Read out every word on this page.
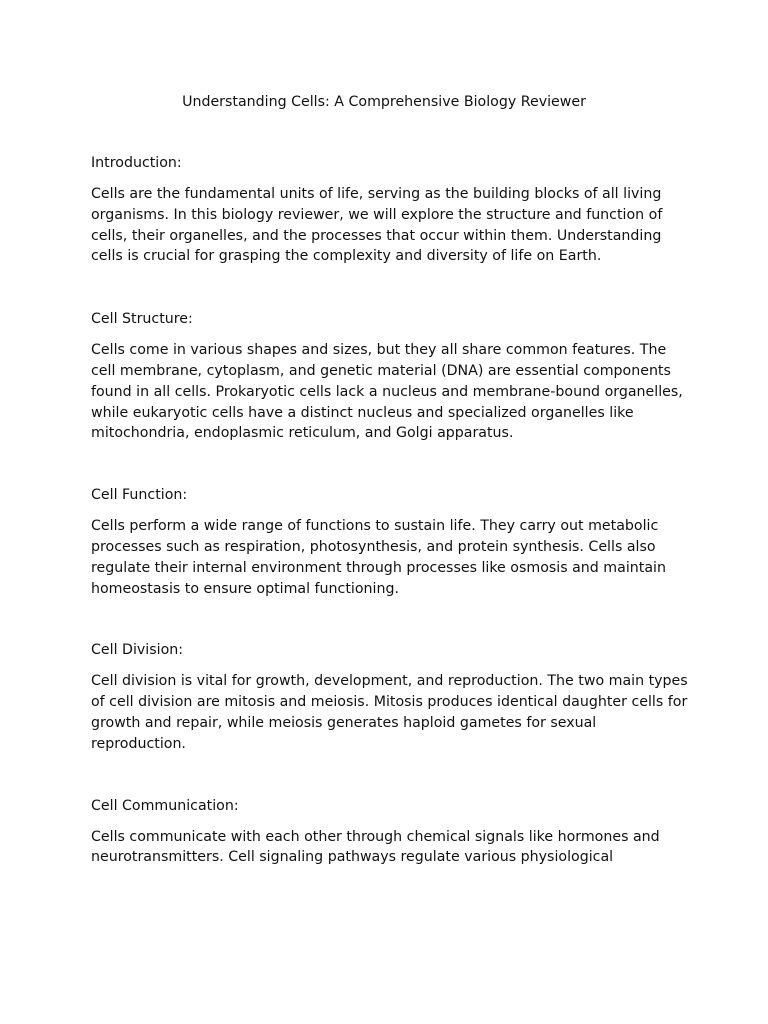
Understanding Cells: A Comprehensive Biology Reviewer

Introduction:

Cells are the fundamental units of life, serving as the building blocks of all living organisms. In this biology reviewer, we will explore the structure and function of cells, their organelles, and the processes that occur within them. Understanding cells is crucial for grasping the complexity and diversity of life on Earth.

Cell Structure:

Cells come in various shapes and sizes, but they all share common features. The cell membrane, cytoplasm, and genetic material (DNA) are essential components found in all cells. Prokaryotic cells lack a nucleus and membrane-bound organelles, while eukaryotic cells have a distinct nucleus and specialized organelles like mitochondria, endoplasmic reticulum, and Golgi apparatus.

Cell Function:

Cells perform a wide range of functions to sustain life. They carry out metabolic processes such as respiration, photosynthesis, and protein synthesis. Cells also regulate their internal environment through processes like osmosis and maintain homeostasis to ensure optimal functioning.

Cell Division:

Cell division is vital for growth, development, and reproduction. The two main types of cell division are mitosis and meiosis. Mitosis produces identical daughter cells for growth and repair, while meiosis generates haploid gametes for sexual reproduction.

Cell Communication:

Cells communicate with each other through chemical signals like hormones and neurotransmitters. Cell signaling pathways regulate various physiological
